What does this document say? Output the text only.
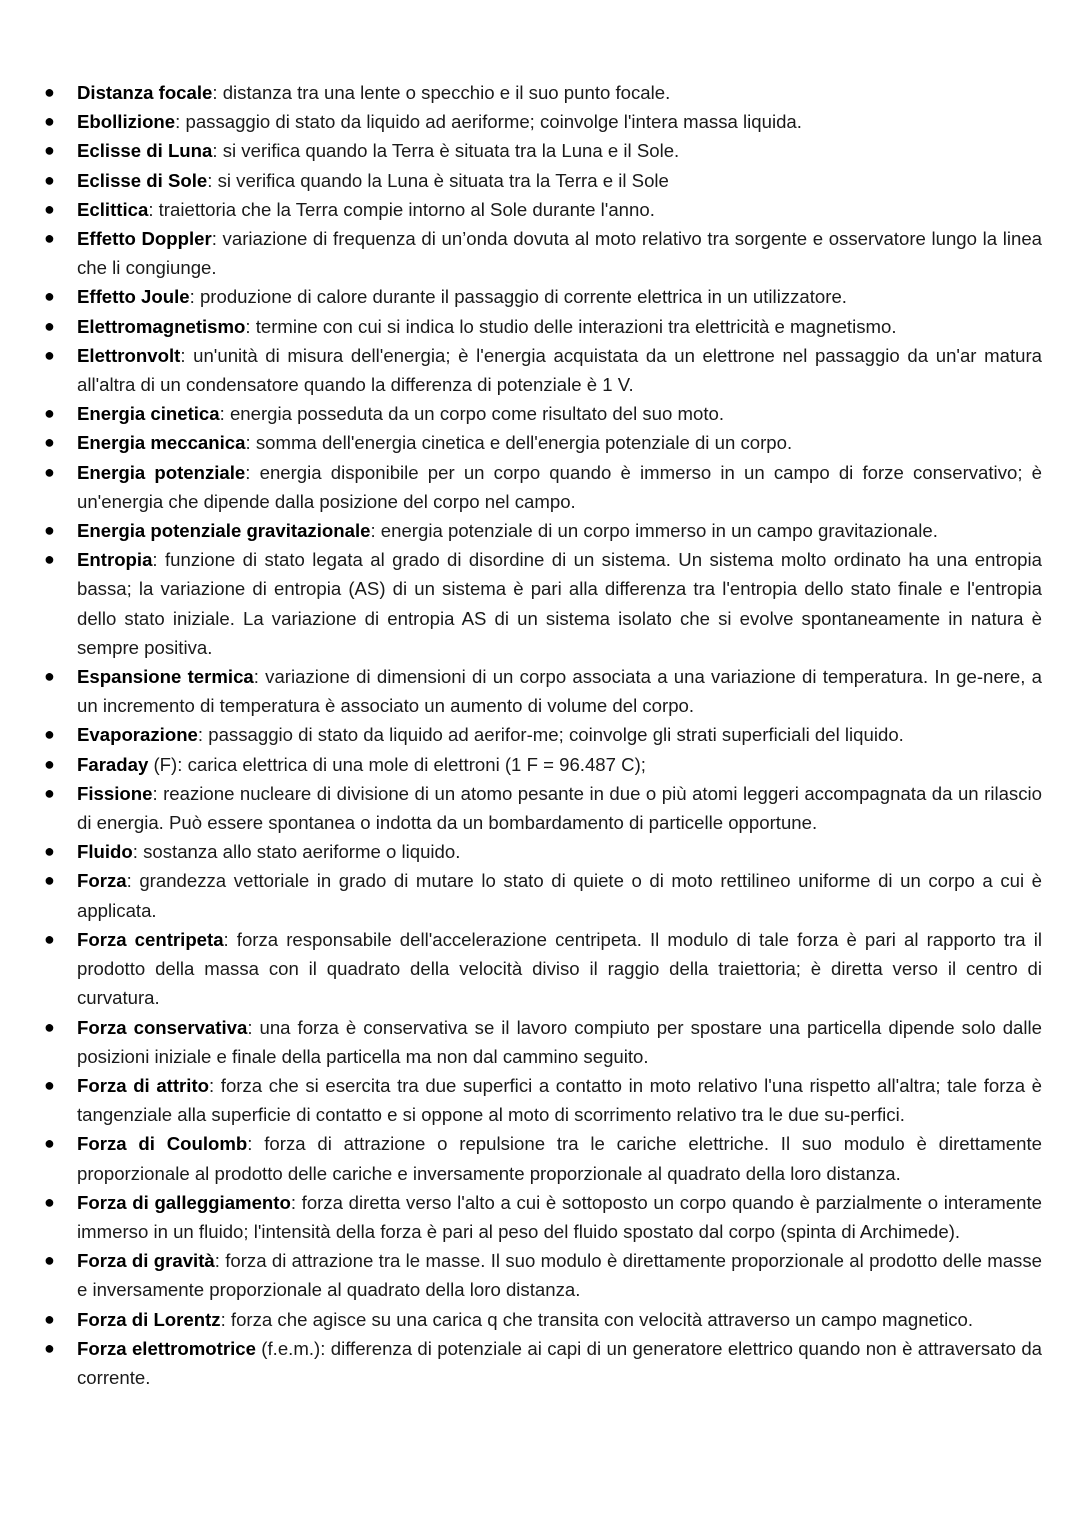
●	Distanza focale: distanza tra una lente o specchio e il suo punto focale.
●	Ebollizione: passaggio di stato da liquido ad aeriforme; coinvolge l'intera massa liquida.
●	Eclisse di Luna: si verifica quando la Terra è situata tra la Luna e il Sole.
●	Eclisse di Sole: si verifica quando la Luna è situata tra la Terra e il Sole
●	Eclittica: traiettoria che la Terra compie intorno al Sole durante l'anno.
●	Effetto Doppler: variazione di frequenza di un’onda dovuta al moto relativo tra sorgente e osservatore lungo la linea che li congiunge.
●	Effetto Joule: produzione di calore durante il passaggio di corrente elettrica in un utilizzatore.
●	Elettromagnetismo: termine con cui si indica lo studio delle interazioni tra elettricità e magnetismo.
●	Elettronvolt: un'unità di misura dell'energia; è l'energia acquistata da un elettrone nel passaggio da un'ar matura all'altra di un condensatore quando la differenza di potenziale è 1 V.
●	Energia cinetica: energia posseduta da un corpo come risultato del suo moto.
●	Energia meccanica: somma dell'energia cinetica e dell'energia potenziale di un corpo.
●	Energia potenziale: energia disponibile per un corpo quando è immerso in un campo di forze conservativo; è un'energia che dipende dalla posizione del corpo nel campo.
●	Energia potenziale gravitazionale: energia potenziale di un corpo immerso in un campo gravitazionale.
●	Entropia: funzione di stato legata al grado di disordine di un sistema. Un sistema molto ordinato ha una entropia bassa; la variazione di entropia (AS) di un sistema è pari alla differenza tra l'entropia dello stato finale e l'entropia dello stato iniziale. La variazione di entropia AS di un sistema isolato che si evolve spontaneamente in natura è sempre positiva.
●	Espansione termica: variazione di dimensioni di un corpo associata a una variazione di temperatura. In ge-nere, a un incremento di temperatura è associato un aumento di volume del corpo.
●	Evaporazione: passaggio di stato da liquido ad aerifor-me; coinvolge gli strati superficiali del liquido.
●	Faraday (F): carica elettrica di una mole di elettroni (1 F = 96.487 C);
●	Fissione: reazione nucleare di divisione di un atomo pesante in due o più atomi leggeri accompagnata da un rilascio di energia. Può essere spontanea o indotta da un bombardamento di particelle opportune.
●	Fluido: sostanza allo stato aeriforme o liquido.
●	Forza: grandezza vettoriale in grado di mutare lo stato di quiete o di moto rettilineo uniforme di un corpo a cui è applicata.
●	Forza centripeta: forza responsabile dell'accelerazione centripeta. Il modulo di tale forza è pari al rapporto tra il prodotto della massa con il quadrato della velocità diviso il raggio della traiettoria; è diretta verso il centro di curvatura.
●	Forza conservativa: una forza è conservativa se il lavoro compiuto per spostare una particella dipende solo dalle posizioni iniziale e finale della particella ma non dal cammino seguito.
●	Forza di attrito: forza che si esercita tra due superfici a contatto in moto relativo l'una rispetto all'altra; tale forza è tangenziale alla superficie di contatto e si oppone al moto di scorrimento relativo tra le due su-perfici.
●	Forza di Coulomb: forza di attrazione o repulsione tra le cariche elettriche. Il suo modulo è direttamente proporzionale al prodotto delle cariche e inversamente proporzionale al quadrato della loro distanza.
●	Forza di galleggiamento: forza diretta verso l'alto a cui è sottoposto un corpo quando è parzialmente o interamente immerso in un fluido; l'intensità della forza è pari al peso del fluido spostato dal corpo (spinta di Archimede).
●	Forza di gravità: forza di attrazione tra le masse. Il suo modulo è direttamente proporzionale al prodotto delle masse e inversamente proporzionale al quadrato della loro distanza.
●	Forza di Lorentz: forza che agisce su una carica q che transita con velocità attraverso un campo magnetico.
●	Forza elettromotrice (f.e.m.): differenza di potenziale ai capi di un generatore elettrico quando non è attraversato da corrente.
